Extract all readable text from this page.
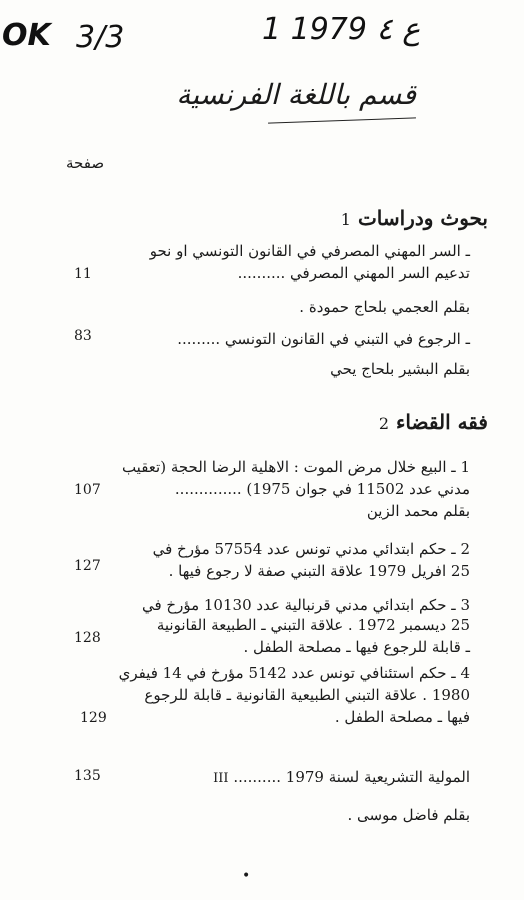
OK 3/3	1 ع ٤ 1979
قسم باللغة الفرنسية
صفحة
بحوث ودراسات 1
ـ السر المهني المصرفي في القانون التونسي او نحو
تدعيم السر المهني المصرفي ..........
بقلم العجمي بلحاج حمودة .
11
ـ الرجوع في التبني في القانون التونسي .........
بقلم البشير بلحاج يحي
83
فقه القضاء 2
1 ـ البيع خلال مرض الموت : الاهلية الرضا الحجة (تعقيب
مدني عدد 11502 في جوان 1975) ..............
بقلم محمد الزين
107
2 ـ حكم ابتدائي مدني تونس عدد 57554 مؤرخ في
25 افريل 1979 علاقة التبني صفة لا رجوع فيها .
127
3 ـ حكم ابتدائي مدني قرنبالية عدد 10130 مؤرخ في
25 ديسمبر 1972 . علاقة التبني ـ الطبيعة القانونية
ـ قابلة للرجوع فيها ـ مصلحة الطفل .
128
4 ـ حكم استئنافي تونس عدد 5142 مؤرخ في 14 فيفري
1980 . علاقة التبني الطبيعية القانونية ـ قابلة للرجوع
فيها ـ مصلحة الطفل .
129
المولية التشريعية لسنة 1979 .......... III
بقلم فاضل موسى .
135
•
